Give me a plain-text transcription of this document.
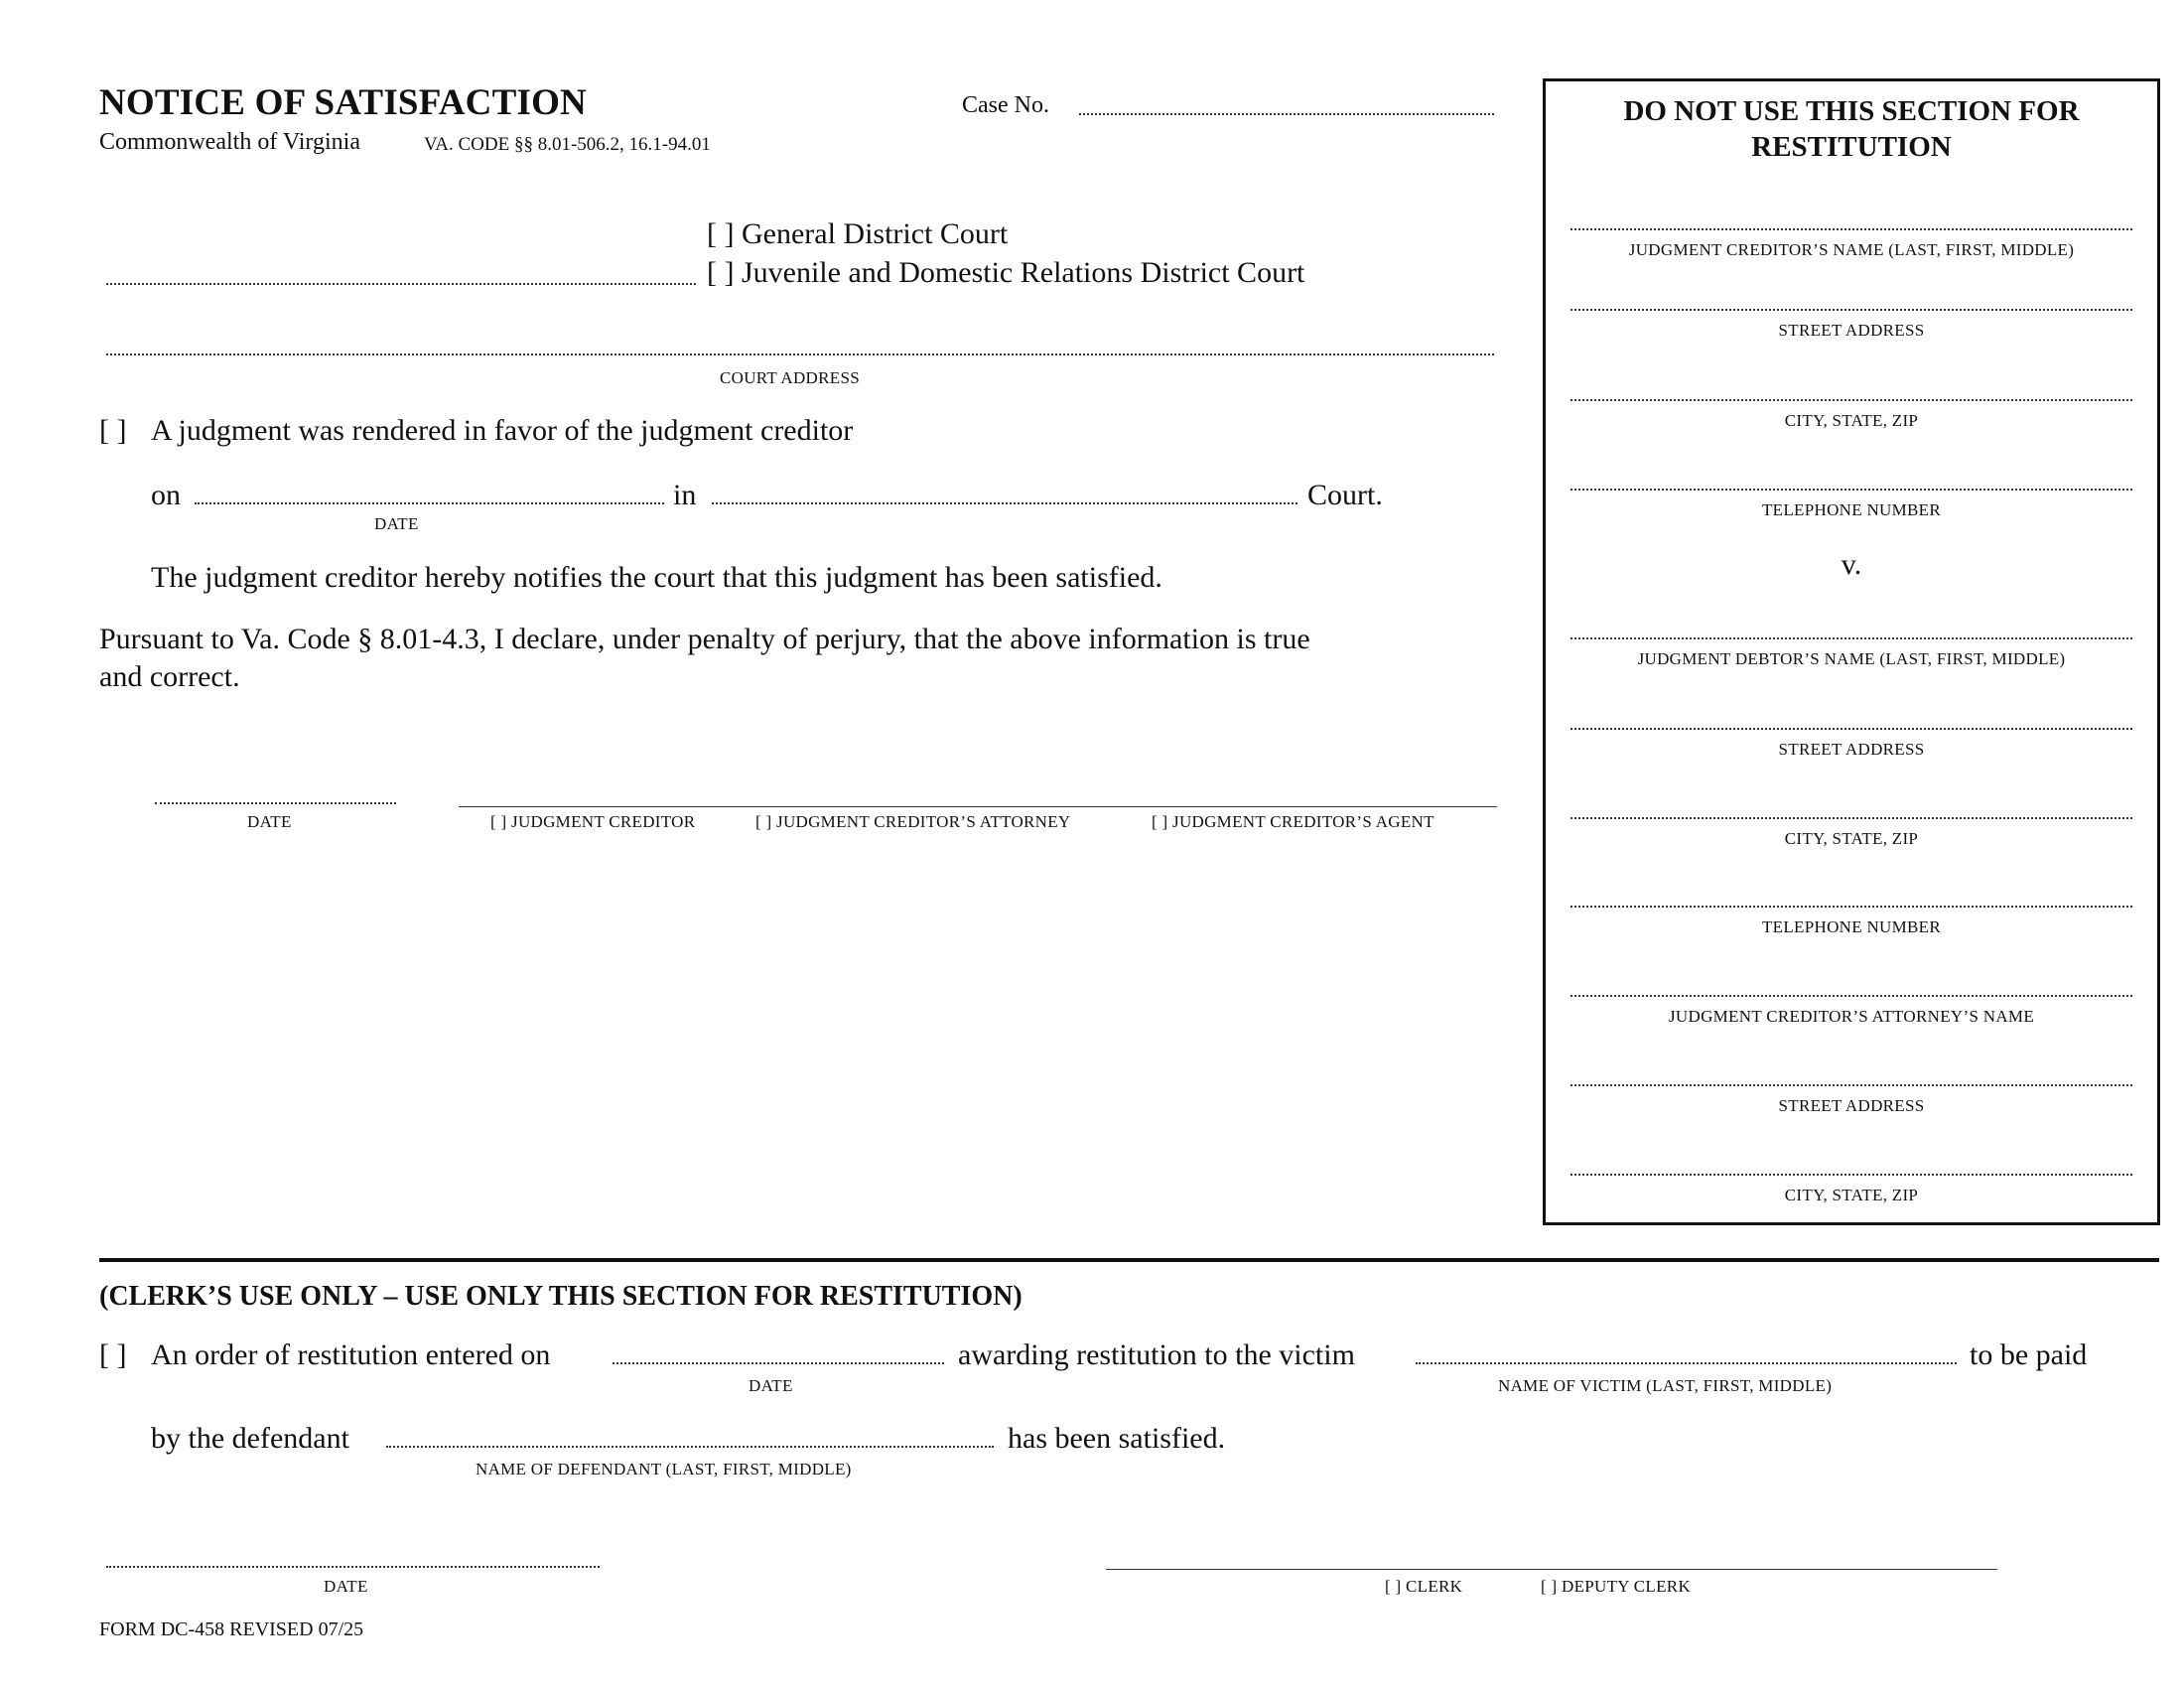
NOTICE OF SATISFACTION	Case No.
Commonwealth of Virginia	VA. CODE §§ 8.01-506.2, 16.1-94.01
[ ] General District Court
[ ] Juvenile and Domestic Relations District Court
COURT ADDRESS
[ ] A judgment was rendered in favor of the judgment creditor
on	in	Court.
DATE
The judgment creditor hereby notifies the court that this judgment has been satisfied.
Pursuant to Va. Code § 8.01-4.3, I declare, under penalty of perjury, that the above information is true
and correct.
DATE	[ ] JUDGMENT CREDITOR	[ ] JUDGMENT CREDITOR’S ATTORNEY	[ ] JUDGMENT CREDITOR’S AGENT
DO NOT USE THIS SECTION FOR
RESTITUTION
JUDGMENT CREDITOR’S NAME (LAST, FIRST, MIDDLE)
STREET ADDRESS
CITY, STATE, ZIP
TELEPHONE NUMBER
v.
JUDGMENT DEBTOR’S NAME (LAST, FIRST, MIDDLE)
STREET ADDRESS
CITY, STATE, ZIP
TELEPHONE NUMBER
JUDGMENT CREDITOR’S ATTORNEY’S NAME
STREET ADDRESS
CITY, STATE, ZIP
(CLERK’S USE ONLY – USE ONLY THIS SECTION FOR RESTITUTION)
[ ] An order of restitution entered on	awarding restitution to the victim	to be paid
DATE	NAME OF VICTIM (LAST, FIRST, MIDDLE)
by the defendant	has been satisfied.
NAME OF DEFENDANT (LAST, FIRST, MIDDLE)
DATE	[ ] CLERK	[ ] DEPUTY CLERK
FORM DC-458 REVISED 07/25
